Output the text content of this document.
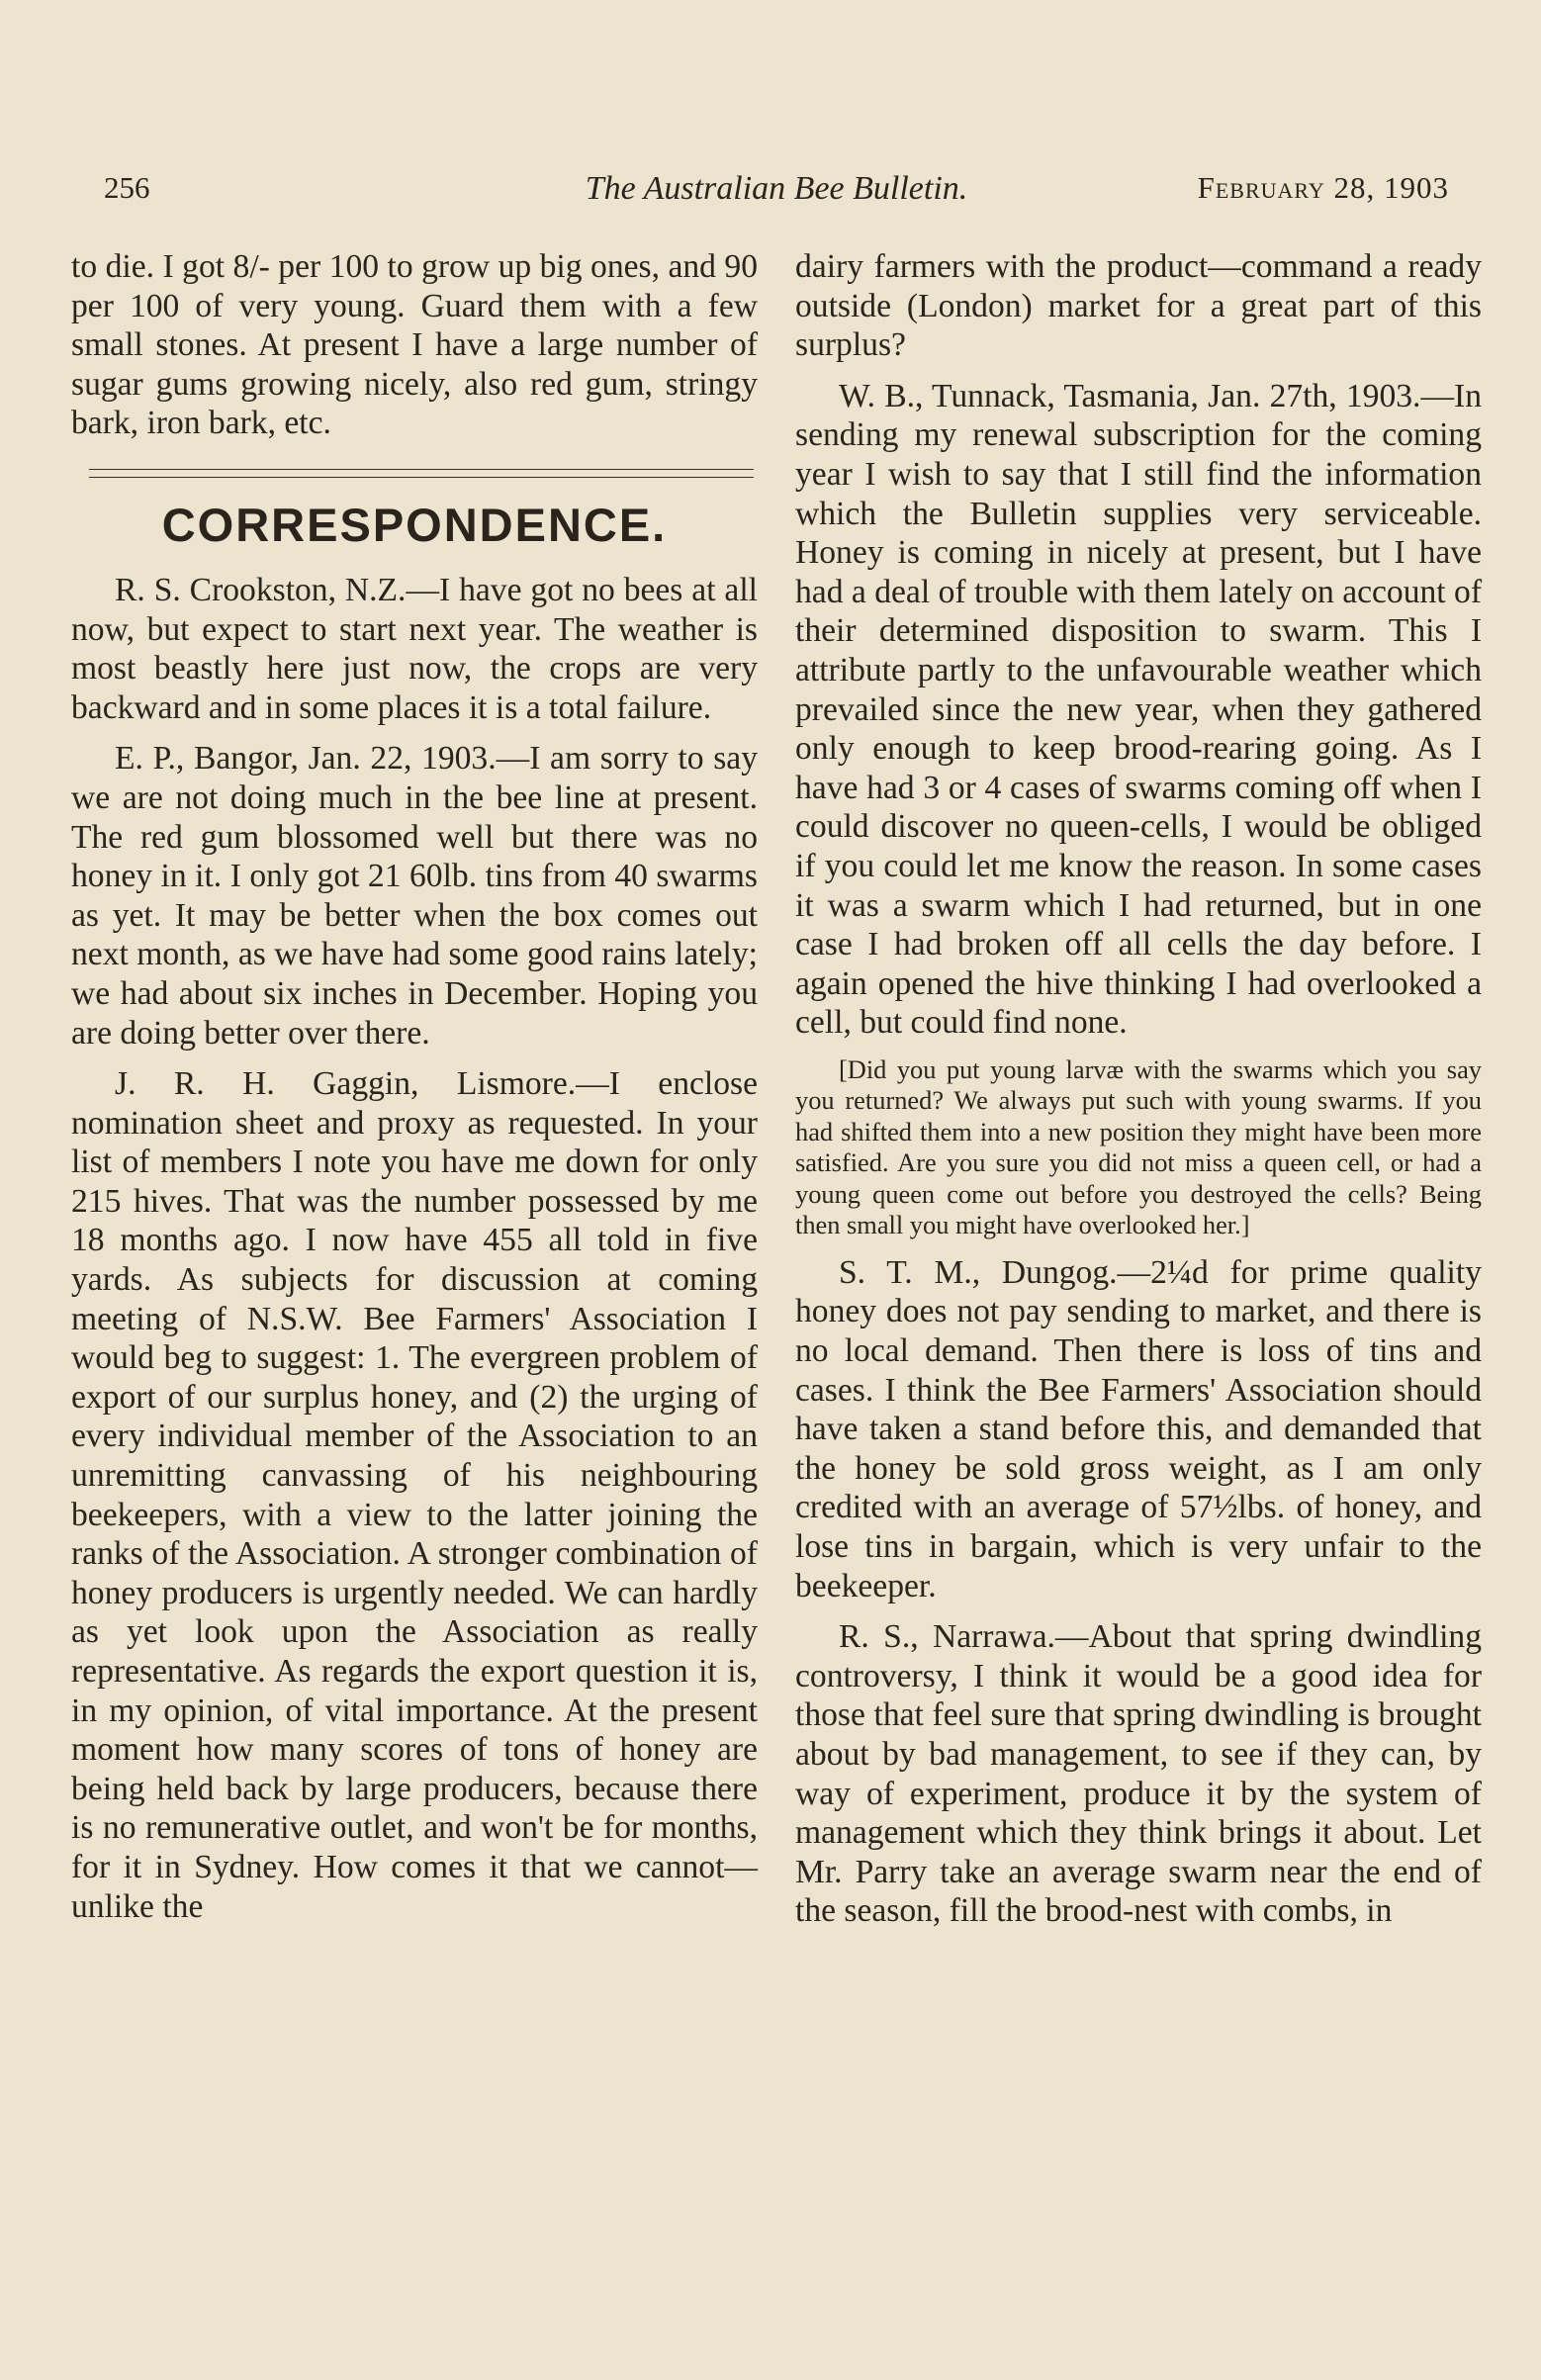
256	The Australian Bee Bulletin.	February 28, 1903

to die. I got 8/- per 100 to grow up big ones, and 90 per 100 of very young. Guard them with a few small stones. At present I have a large number of sugar gums growing nicely, also red gum, stringy bark, iron bark, etc.

CORRESPONDENCE.

R. S. Crookston, N.Z.—I have got no bees at all now, but expect to start next year. The weather is most beastly here just now, the crops are very backward and in some places it is a total failure.

E. P., Bangor, Jan. 22, 1903.—I am sorry to say we are not doing much in the bee line at present. The red gum blossomed well but there was no honey in it. I only got 21 60lb. tins from 40 swarms as yet. It may be better when the box comes out next month, as we have had some good rains lately; we had about six inches in December. Hoping you are doing better over there.

J. R. H. Gaggin, Lismore.—I enclose nomination sheet and proxy as requested. In your list of members I note you have me down for only 215 hives. That was the number possessed by me 18 months ago. I now have 455 all told in five yards. As subjects for discussion at coming meeting of N.S.W. Bee Farmers' Association I would beg to suggest: 1. The evergreen problem of export of our surplus honey, and (2) the urging of every individual member of the Association to an unremitting canvassing of his neighbouring beekeepers, with a view to the latter joining the ranks of the Association. A stronger combination of honey producers is urgently needed. We can hardly as yet look upon the Association as really representative. As regards the export question it is, in my opinion, of vital importance. At the present moment how many scores of tons of honey are being held back by large producers, because there is no remunerative outlet, and won't be for months, for it in Sydney. How comes it that we cannot—unlike the

dairy farmers with the product—command a ready outside (London) market for a great part of this surplus?

W. B., Tunnack, Tasmania, Jan. 27th, 1903.—In sending my renewal subscription for the coming year I wish to say that I still find the information which the Bulletin supplies very serviceable. Honey is coming in nicely at present, but I have had a deal of trouble with them lately on account of their determined disposition to swarm. This I attribute partly to the unfavourable weather which prevailed since the new year, when they gathered only enough to keep brood-rearing going. As I have had 3 or 4 cases of swarms coming off when I could discover no queen-cells, I would be obliged if you could let me know the reason. In some cases it was a swarm which I had returned, but in one case I had broken off all cells the day before. I again opened the hive thinking I had overlooked a cell, but could find none.

[Did you put young larvæ with the swarms which you say you returned? We always put such with young swarms. If you had shifted them into a new position they might have been more satisfied. Are you sure you did not miss a queen cell, or had a young queen come out before you destroyed the cells? Being then small you might have overlooked her.]

S. T. M., Dungog.—2¼d for prime quality honey does not pay sending to market, and there is no local demand. Then there is loss of tins and cases. I think the Bee Farmers' Association should have taken a stand before this, and demanded that the honey be sold gross weight, as I am only credited with an average of 57½lbs. of honey, and lose tins in bargain, which is very unfair to the beekeeper.

R. S., Narrawa.—About that spring dwindling controversy, I think it would be a good idea for those that feel sure that spring dwindling is brought about by bad management, to see if they can, by way of experiment, produce it by the system of management which they think brings it about. Let Mr. Parry take an average swarm near the end of the season, fill the brood-nest with combs, in
